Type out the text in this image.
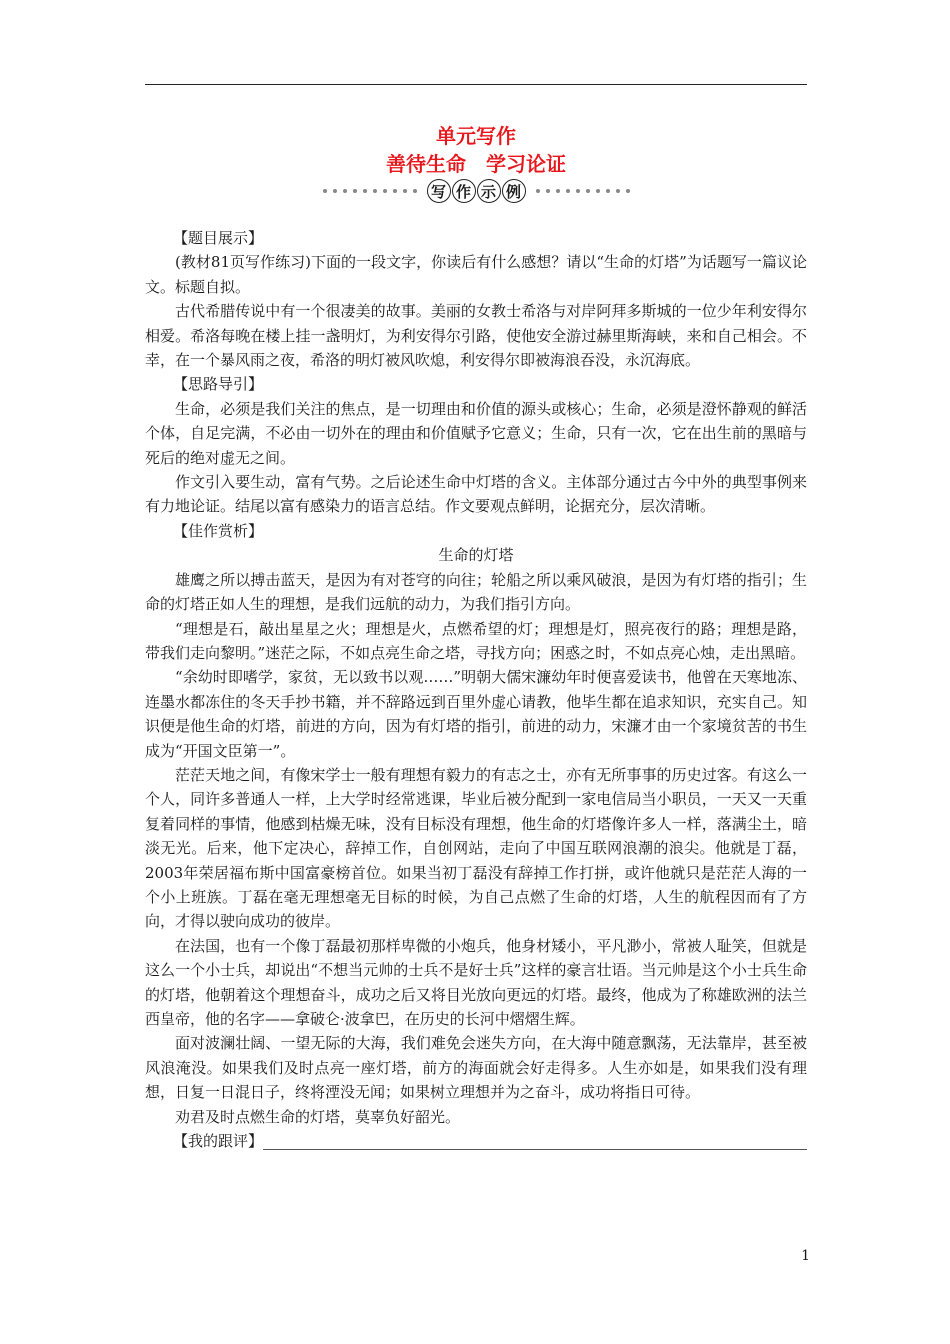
单元写作
善待生命　学习论证
写 作 示 例

【题目展示】

(教材81页写作练习)下面的一段文字，你读后有什么感想？请以“生命的灯塔”为话题写一篇议论文。标题自拟。

古代希腊传说中有一个很凄美的故事。美丽的女教士希洛与对岸阿拜多斯城的一位少年利安得尔相爱。希洛每晚在楼上挂一盏明灯，为利安得尔引路，使他安全游过赫里斯海峡，来和自己相会。不幸，在一个暴风雨之夜，希洛的明灯被风吹熄，利安得尔即被海浪吞没，永沉海底。

【思路导引】

生命，必须是我们关注的焦点，是一切理由和价值的源头或核心；生命，必须是澄怀静观的鲜活个体，自足完满，不必由一切外在的理由和价值赋予它意义；生命，只有一次，它在出生前的黑暗与死后的绝对虚无之间。

作文引入要生动，富有气势。之后论述生命中灯塔的含义。主体部分通过古今中外的典型事例来有力地论证。结尾以富有感染力的语言总结。作文要观点鲜明，论据充分，层次清晰。

【佳作赏析】

生命的灯塔

雄鹰之所以搏击蓝天，是因为有对苍穹的向往；轮船之所以乘风破浪，是因为有灯塔的指引；生命的灯塔正如人生的理想，是我们远航的动力，为我们指引方向。

“理想是石，敲出星星之火；理想是火，点燃希望的灯；理想是灯，照亮夜行的路；理想是路，带我们走向黎明。”迷茫之际，不如点亮生命之塔，寻找方向；困惑之时，不如点亮心烛，走出黑暗。

“余幼时即嗜学，家贫，无以致书以观……”明朝大儒宋濂幼年时便喜爱读书，他曾在天寒地冻、连墨水都冻住的冬天手抄书籍，并不辞路远到百里外虚心请教，他毕生都在追求知识，充实自己。知识便是他生命的灯塔，前进的方向，因为有灯塔的指引，前进的动力，宋濂才由一个家境贫苦的书生成为“开国文臣第一”。

茫茫天地之间，有像宋学士一般有理想有毅力的有志之士，亦有无所事事的历史过客。有这么一个人，同许多普通人一样，上大学时经常逃课，毕业后被分配到一家电信局当小职员，一天又一天重复着同样的事情，他感到枯燥无味，没有目标没有理想，他生命的灯塔像许多人一样，落满尘土，暗淡无光。后来，他下定决心，辞掉工作，自创网站，走向了中国互联网浪潮的浪尖。他就是丁磊，2003年荣居福布斯中国富豪榜首位。如果当初丁磊没有辞掉工作打拼，或许他就只是茫茫人海的一个小上班族。丁磊在毫无理想毫无目标的时候，为自己点燃了生命的灯塔，人生的航程因而有了方向，才得以驶向成功的彼岸。

在法国，也有一个像丁磊最初那样卑微的小炮兵，他身材矮小，平凡渺小，常被人耻笑，但就是这么一个小士兵，却说出“不想当元帅的士兵不是好士兵”这样的豪言壮语。当元帅是这个小士兵生命的灯塔，他朝着这个理想奋斗，成功之后又将目光放向更远的灯塔。最终，他成为了称雄欧洲的法兰西皇帝，他的名字——拿破仑·波拿巴，在历史的长河中熠熠生辉。

面对波澜壮阔、一望无际的大海，我们难免会迷失方向，在大海中随意飘荡，无法靠岸，甚至被风浪淹没。如果我们及时点亮一座灯塔，前方的海面就会好走得多。人生亦如是，如果我们没有理想，日复一日混日子，终将湮没无闻；如果树立理想并为之奋斗，成功将指日可待。

劝君及时点燃生命的灯塔，莫辜负好韶光。

【我的跟评】
1
